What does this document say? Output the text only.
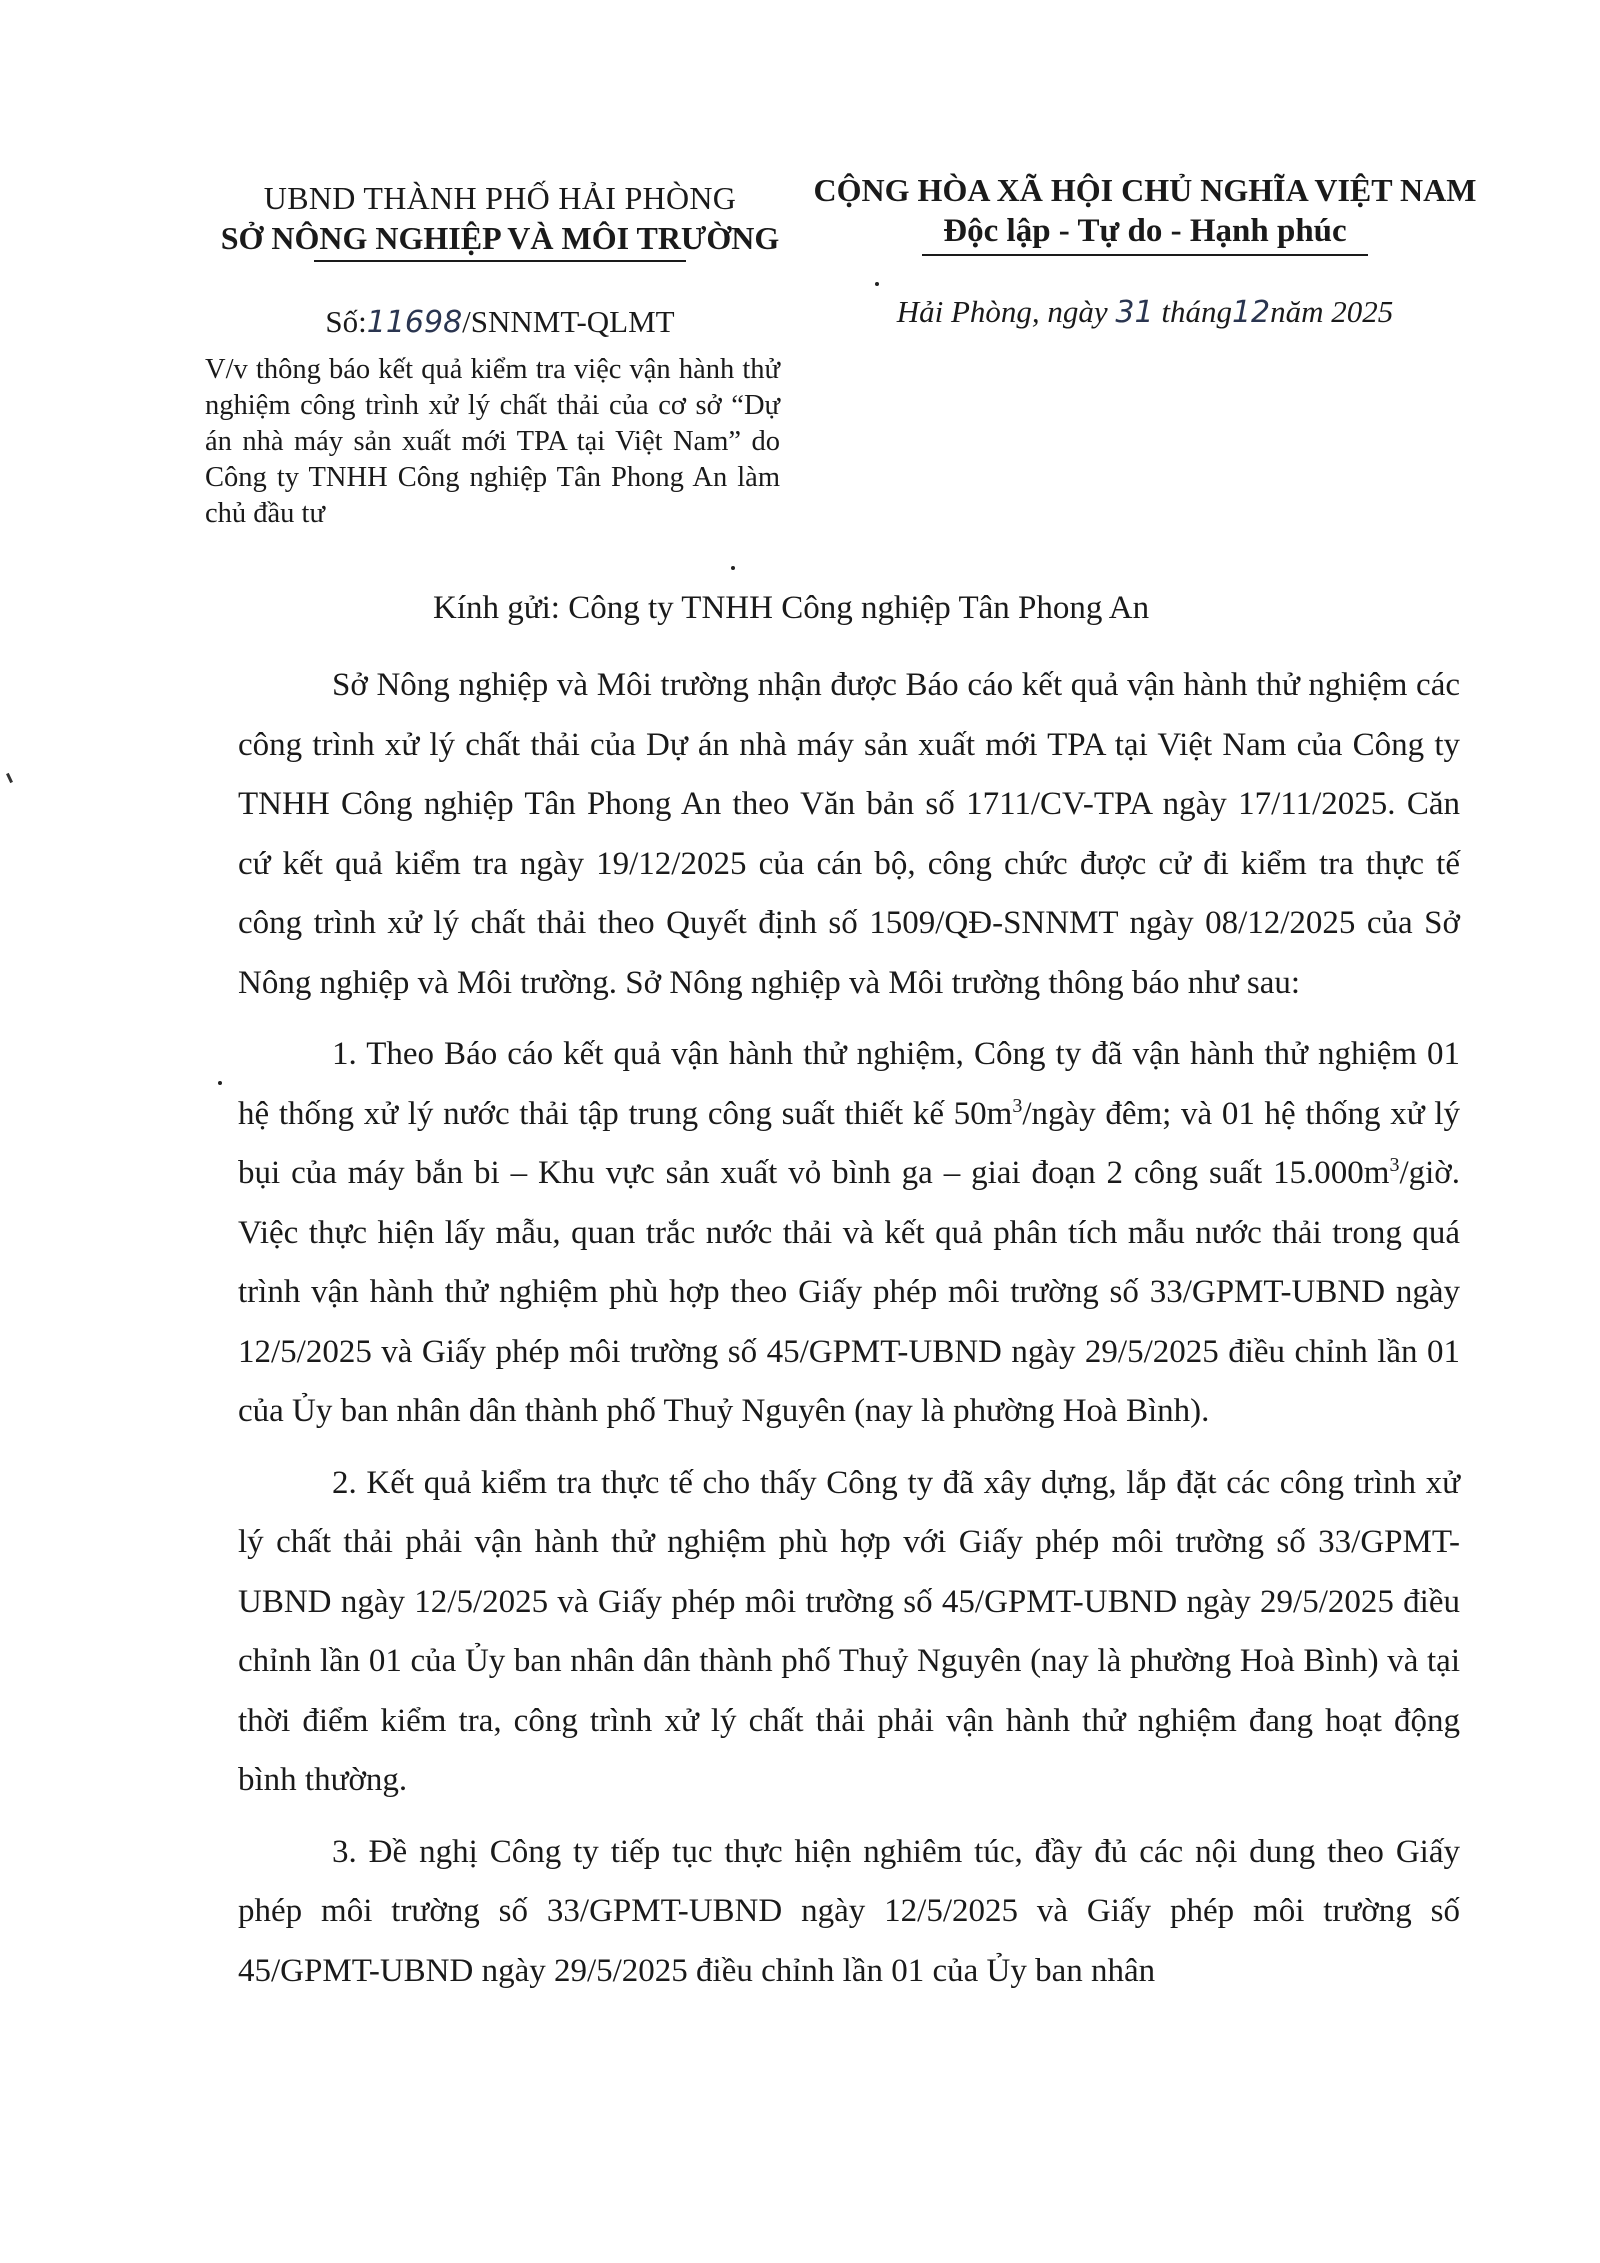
UBND THÀNH PHỐ HẢI PHÒNG
SỞ NÔNG NGHIỆP VÀ MÔI TRƯỜNG
Số:11698/SNNMT-QLMT
CỘNG HÒA XÃ HỘI CHỦ NGHĨA VIỆT NAM
Độc lập - Tự do - Hạnh phúc
Hải Phòng, ngày 31 tháng12năm 2025
V/v thông báo kết quả kiểm tra việc vận hành thử nghiệm công trình xử lý chất thải của cơ sở “Dự án nhà máy sản xuất mới TPA tại Việt Nam” do Công ty TNHH Công nghiệp Tân Phong An làm chủ đầu tư
Kính gửi: Công ty TNHH Công nghiệp Tân Phong An

Sở Nông nghiệp và Môi trường nhận được Báo cáo kết quả vận hành thử nghiệm các công trình xử lý chất thải của Dự án nhà máy sản xuất mới TPA tại Việt Nam của Công ty TNHH Công nghiệp Tân Phong An theo Văn bản số 1711/CV-TPA ngày 17/11/2025. Căn cứ kết quả kiểm tra ngày 19/12/2025 của cán bộ, công chức được cử đi kiểm tra thực tế công trình xử lý chất thải theo Quyết định số 1509/QĐ-SNNMT ngày 08/12/2025 của Sở Nông nghiệp và Môi trường. Sở Nông nghiệp và Môi trường thông báo như sau:

1. Theo Báo cáo kết quả vận hành thử nghiệm, Công ty đã vận hành thử nghiệm 01 hệ thống xử lý nước thải tập trung công suất thiết kế $50m^3$/ngày đêm; và 01 hệ thống xử lý bụi của máy bắn bi – Khu vực sản xuất vỏ bình ga – giai đoạn 2 công suất $15.000m^3$/giờ. Việc thực hiện lấy mẫu, quan trắc nước thải và kết quả phân tích mẫu nước thải trong quá trình vận hành thử nghiệm phù hợp theo Giấy phép môi trường số 33/GPMT-UBND ngày 12/5/2025 và Giấy phép môi trường số 45/GPMT-UBND ngày 29/5/2025 điều chỉnh lần 01 của Ủy ban nhân dân thành phố Thuỷ Nguyên (nay là phường Hoà Bình).

2. Kết quả kiểm tra thực tế cho thấy Công ty đã xây dựng, lắp đặt các công trình xử lý chất thải phải vận hành thử nghiệm phù hợp với Giấy phép môi trường số 33/GPMT-UBND ngày 12/5/2025 và Giấy phép môi trường số 45/GPMT-UBND ngày 29/5/2025 điều chỉnh lần 01 của Ủy ban nhân dân thành phố Thuỷ Nguyên (nay là phường Hoà Bình) và tại thời điểm kiểm tra, công trình xử lý chất thải phải vận hành thử nghiệm đang hoạt động bình thường.

3. Đề nghị Công ty tiếp tục thực hiện nghiêm túc, đầy đủ các nội dung theo Giấy phép môi trường số 33/GPMT-UBND ngày 12/5/2025 và Giấy phép môi trường số 45/GPMT-UBND ngày 29/5/2025 điều chỉnh lần 01 của Ủy ban nhân
